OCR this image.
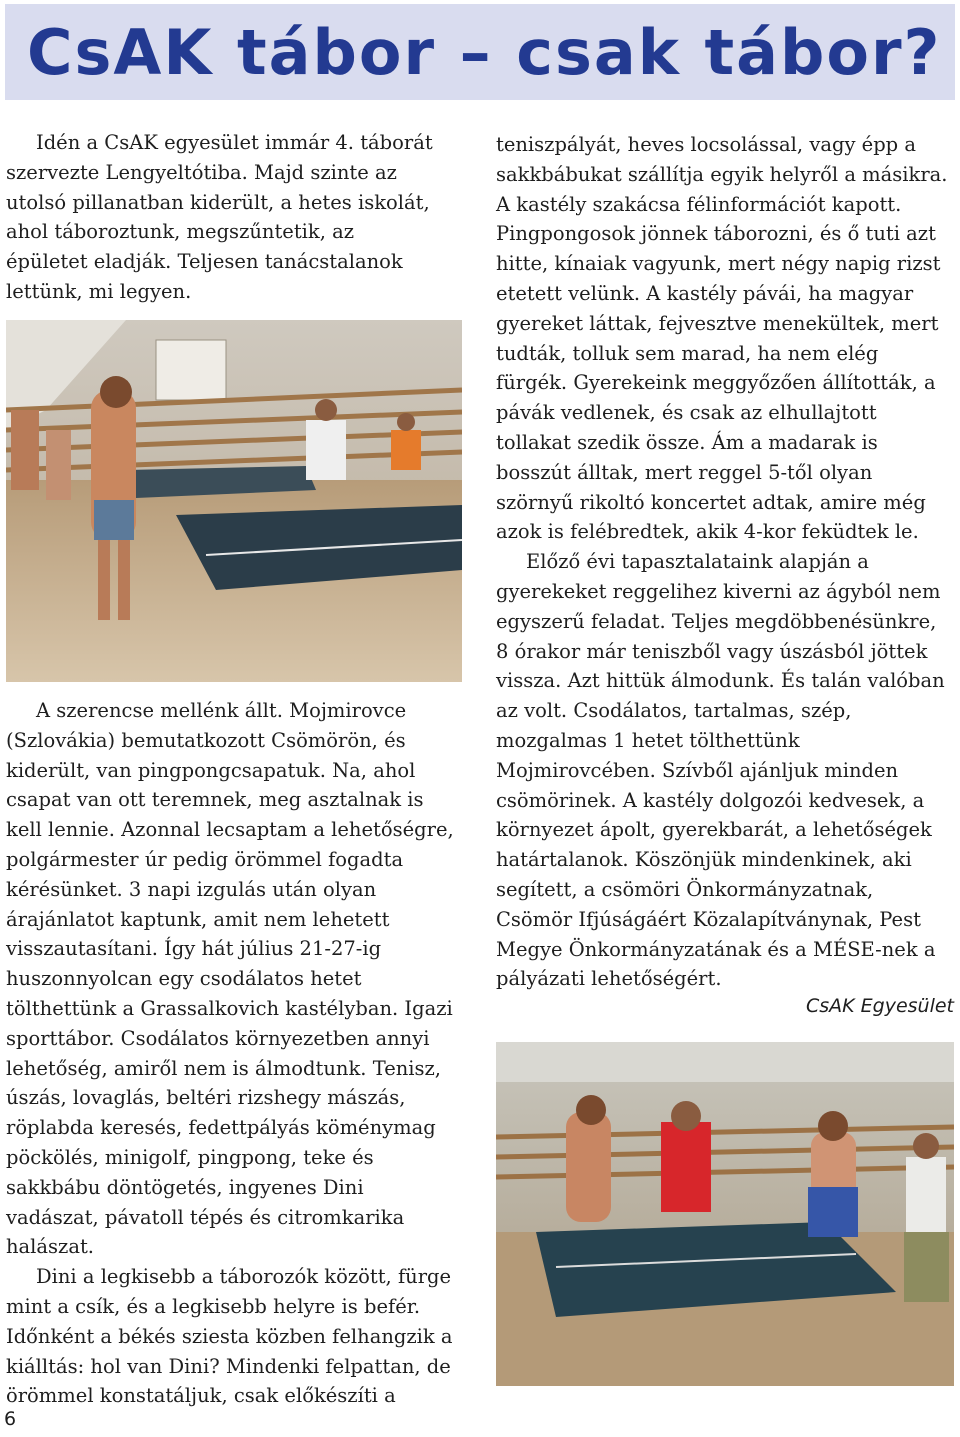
CsAK tábor – csak tábor?

Idén a CsAK egyesület immár 4. táborát szervezte Lengyeltótiba. Majd szinte az utolsó pillanatban kiderült, a hetes iskolát, ahol táboroztunk, megszűntetik, az épületet eladják. Teljesen tanácstalanok lettünk, mi legyen.

A szerencse mellénk állt. Mojmirovce (Szlovákia) bemutatkozott Csömörön, és kiderült, van pingpongcsapatuk. Na, ahol csapat van ott teremnek, meg asztalnak is kell lennie. Azonnal lecsaptam a lehetőségre, polgármester úr pedig örömmel fogadta kérésünket. 3 napi izgulás után olyan árajánlatot kaptunk, amit nem lehetett visszautasítani. Így hát július 21-27-ig huszonnyolcan egy csodálatos hetet tölthettünk a Grassalkovich kastélyban. Igazi sporttábor. Csodálatos környezetben annyi lehetőség, amiről nem is álmodtunk. Tenisz, úszás, lovaglás, beltéri rizshegy mászás, röplabda keresés, fedettpályás köménymag pöckölés, minigolf, pingpong, teke és sakkbábu döntögetés, ingyenes Dini vadászat, pávatoll tépés és citromkarika halászat.

Dini a legkisebb a táborozók között, fürge mint a csík, és a legkisebb helyre is befér. Időnként a békés sziesta közben felhangzik a kiálltás: hol van Dini? Mindenki felpattan, de örömmel konstatáljuk, csak előkészíti a

teniszpályát, heves locsolással, vagy épp a sakkbábukat szállítja egyik helyről a másikra. A kastély szakácsa félinformációt kapott. Pingpongosok jönnek táborozni, és ő tuti azt hitte, kínaiak vagyunk, mert négy napig rizst etetett velünk. A kastély pávái, ha magyar gyereket láttak, fejvesztve menekültek, mert tudták, tolluk sem marad, ha nem elég fürgék. Gyerekeink meggyőzően állították, a pávák vedlenek, és csak az elhullajtott tollakat szedik össze. Ám a madarak is bosszút álltak, mert reggel 5-től olyan szörnyű rikoltó koncertet adtak, amire még azok is felébredtek, akik 4-kor feküdtek le.

Előző évi tapasztalataink alapján a gyerekeket reggelihez kiverni az ágyból nem egyszerű feladat. Teljes megdöbbenésünkre, 8 órakor már teniszből vagy úszásból jöttek vissza. Azt hittük álmodunk. És talán valóban az volt. Csodálatos, tartalmas, szép, mozgalmas 1 hetet tölthettünk Mojmirovcében. Szívből ajánljuk minden csömörinek. A kastély dolgozói kedvesek, a környezet ápolt, gyerekbarát, a lehetőségek határtalanok. Köszönjük mindenkinek, aki segített, a csömöri Önkormányzatnak, Csömör Ifjúságáért Közalapítványnak, Pest Megye Önkormányzatának és a MÉSE-nek a pályázati lehetőségért.

CsAK Egyesület
6
